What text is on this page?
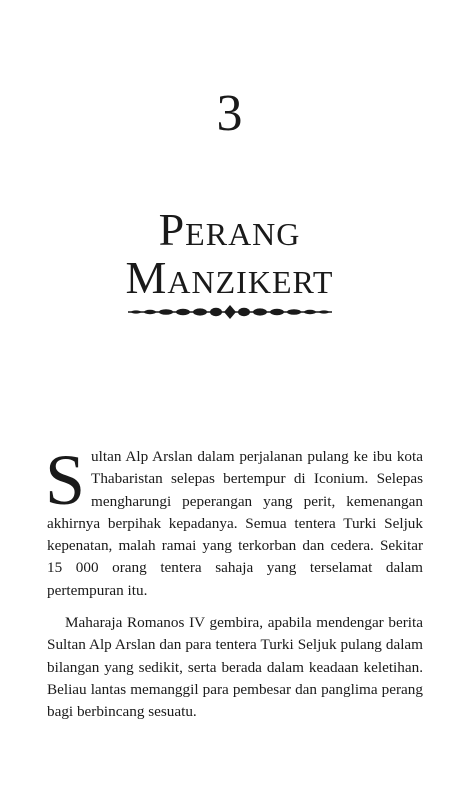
3
Perang
Manzikert

Sultan Alp Arslan dalam perjalanan pulang ke ibu kota Thabaristan selepas bertempur di Iconium. Selepas mengharungi peperangan yang perit, kemenangan akhirnya berpihak kepadanya. Semua tentera Turki Seljuk kepenatan, malah ramai yang terkorban dan cedera. Sekitar 15 000 orang tentera sahaja yang terselamat dalam pertempuran itu.

Maharaja Romanos IV gembira, apabila mendengar berita Sultan Alp Arslan dan para tentera Turki Seljuk pulang dalam bilangan yang sedikit, serta berada dalam keadaan keletihan. Beliau lantas memanggil para pembesar dan panglima perang bagi berbincang sesuatu.
